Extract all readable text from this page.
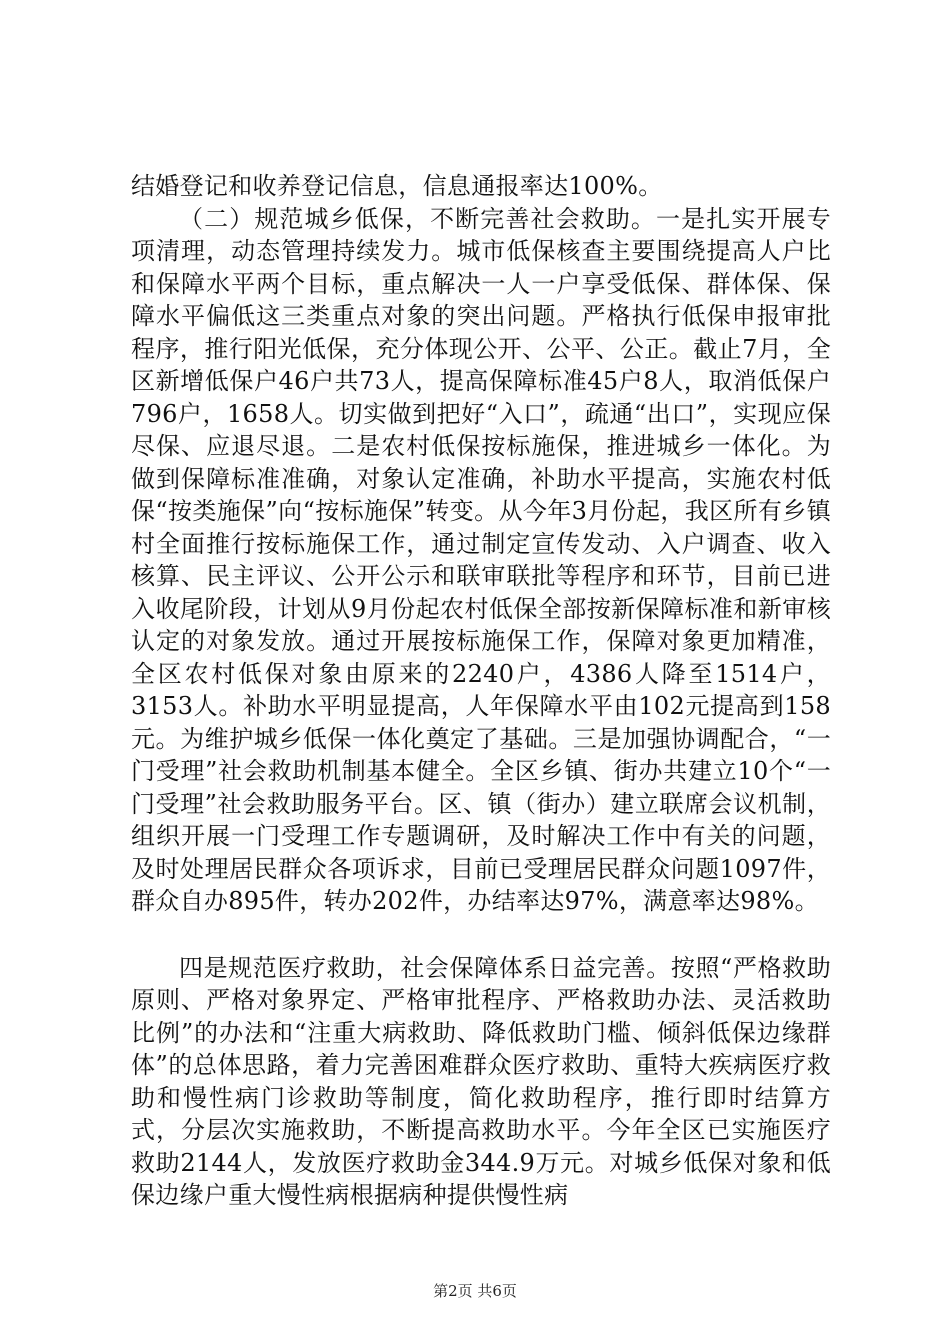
结婚登记和收养登记信息，信息通报率达100%。

（二）规范城乡低保，不断完善社会救助。一是扎实开展专项清理，动态管理持续发力。城市低保核查主要围绕提高人户比和保障水平两个目标，重点解决一人一户享受低保、群体保、保障水平偏低这三类重点对象的突出问题。严格执行低保申报审批程序，推行阳光低保，充分体现公开、公平、公正。截止7月，全区新增低保户46户共73人，提高保障标准45户8人，取消低保户796户，1658人。切实做到把好“入口”，疏通“出口”，实现应保尽保、应退尽退。二是农村低保按标施保，推进城乡一体化。为做到保障标准准确，对象认定准确，补助水平提高，实施农村低保“按类施保”向“按标施保”转变。从今年3月份起，我区所有乡镇村全面推行按标施保工作，通过制定宣传发动、入户调查、收入核算、民主评议、公开公示和联审联批等程序和环节，目前已进入收尾阶段，计划从9月份起农村低保全部按新保障标准和新审核认定的对象发放。通过开展按标施保工作，保障对象更加精准，全区农村低保对象由原来的2240户，4386人降至1514户，3153人。补助水平明显提高，人年保障水平由102元提高到158元。为维护城乡低保一体化奠定了基础。三是加强协调配合，“一门受理”社会救助机制基本健全。全区乡镇、街办共建立10个“一门受理”社会救助服务平台。区、镇（街办）建立联席会议机制，组织开展一门受理工作专题调研，及时解决工作中有关的问题，及时处理居民群众各项诉求，目前已受理居民群众问题1097件，群众自办895件，转办202件，办结率达97%，满意率达98%。

四是规范医疗救助，社会保障体系日益完善。按照“严格救助原则、严格对象界定、严格审批程序、严格救助办法、灵活救助比例”的办法和“注重大病救助、降低救助门槛、倾斜低保边缘群体”的总体思路，着力完善困难群众医疗救助、重特大疾病医疗救助和慢性病门诊救助等制度，简化救助程序，推行即时结算方式，分层次实施救助，不断提高救助水平。今年全区已实施医疗救助2144人，发放医疗救助金344.9万元。对城乡低保对象和低保边缘户重大慢性病根据病种提供慢性病

第2页 共6页
